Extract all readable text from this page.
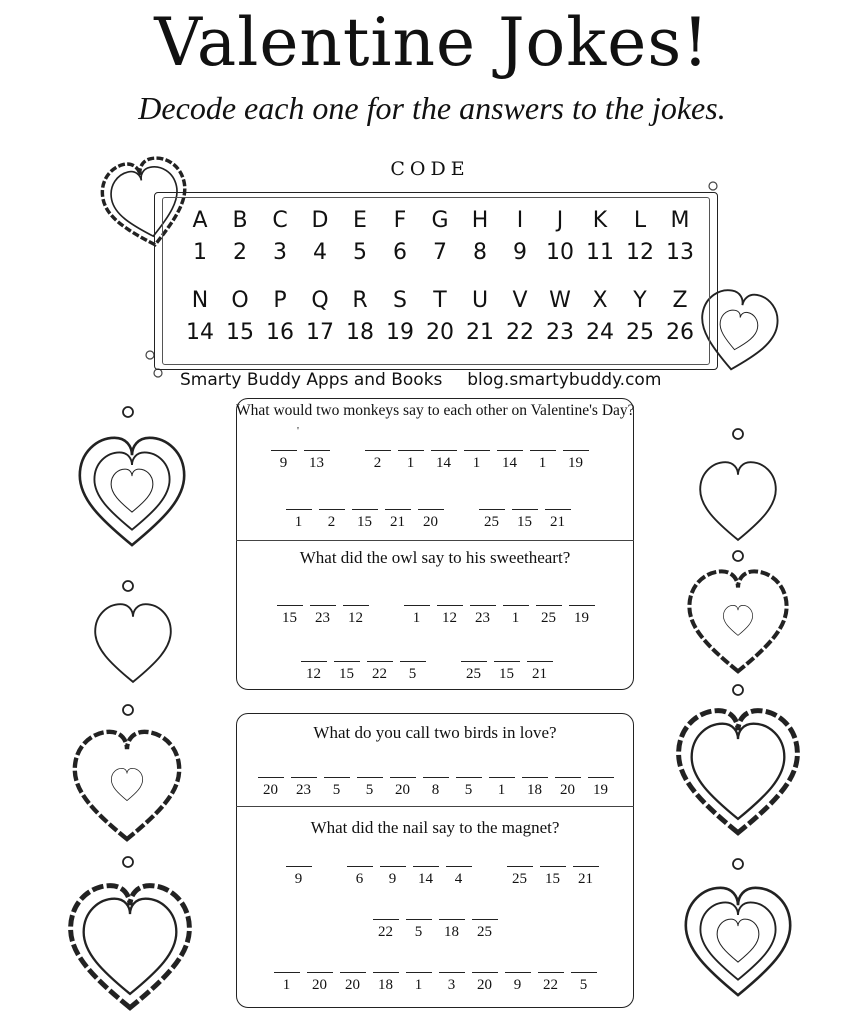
Valentine Jokes!
Decode each one for the answers to the jokes.
CODE
A	B	C	D	E	F	G	H	I	J	K	L	M
1	2	3	4	5	6	7	8	9 10 11 12 13
N	O	P	Q	R	S	T	U	V W X	Y	Z
14 15 16 17 18 19 20 21 22 23 24 25 26
Smarty Buddy Apps and Books blog.smartybuddy.com
What would two monkeys say to each other on Valentine's Day?
'
9	13	2	1	14	1	14	1	19
1	2	15	21	20	25	15	21
What did the owl say to his sweetheart?
15	23	12	1	12	23	1	25	19
12	15	22	5	25	15	21
What do you call two birds in love?
20	23	5	5	20	8	5	1	18	20	19
What did the nail say to the magnet?
9	6	9	14	4	25	15	21
22	5	18	25
1	20	20	18	1	3	20	9	22	5
